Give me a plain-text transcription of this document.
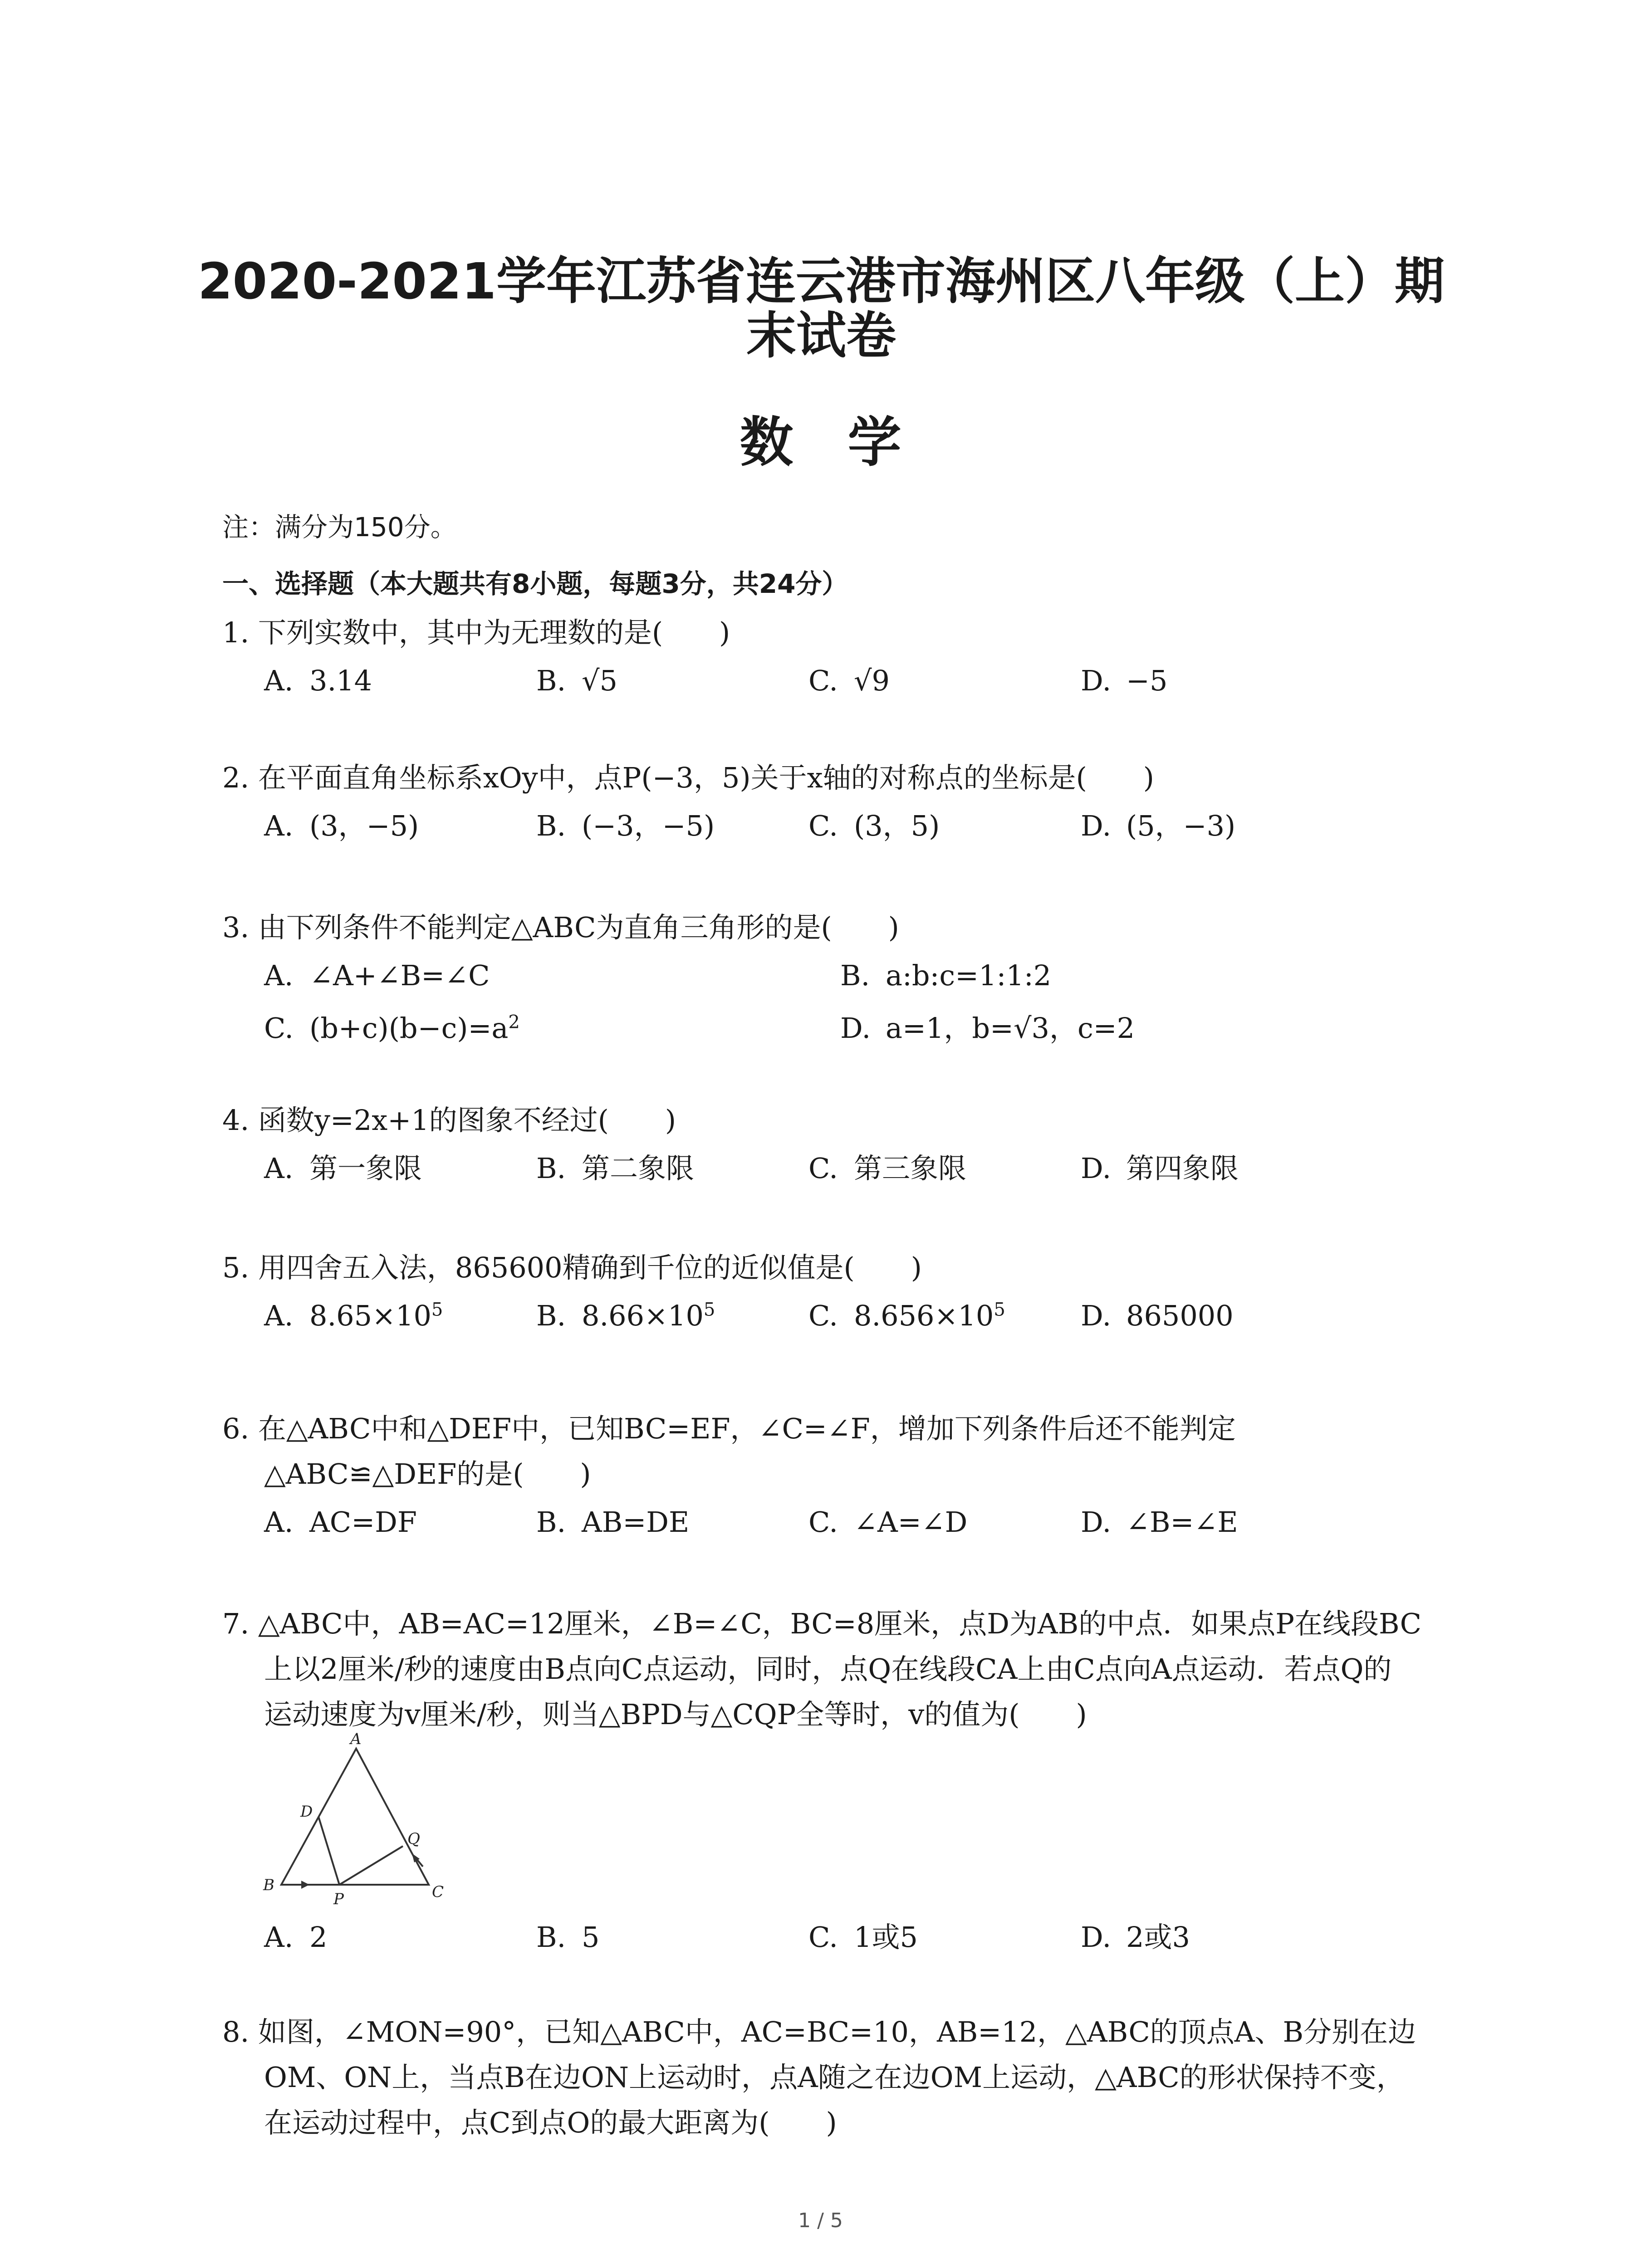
2020-2021学年江苏省连云港市海州区八年级（上）期
末试卷
数学
注：满分为150分。
一、选择题（本大题共有8小题，每题3分，共24分）
1. 下列实数中，其中为无理数的是(　　)
A. 3.14	B. √5	C. √9	D. −5
2. 在平面直角坐标系xOy中，点P(−3，5)关于x轴的对称点的坐标是(　　)
A. (3，−5)	B. (−3，−5)	C. (3，5)	D. (5，−3)
3. 由下列条件不能判定△ABC为直角三角形的是(　　)
A. ∠A+∠B=∠C	B. a:b:c=1:1:2
C. $(b+c)(b-c)=a^2$	D. a=1，b=√3，c=2
4. 函数y=2x+1的图象不经过(　　)
A. 第一象限	B. 第二象限	C. 第三象限	D. 第四象限
5. 用四舍五入法，865600精确到千位的近似值是(　　)
A. $8.65\times 10^5$	B. $8.66\times 10^5$	C. $8.656\times 10^5$	D. 865000
6. 在△ABC中和△DEF中，已知BC=EF，∠C=∠F，增加下列条件后还不能判定
△ABC≌△DEF的是(　　)
A. AC=DF	B. AB=DE	C. ∠A=∠D	D. ∠B=∠E
7. △ABC中，AB=AC=12厘米，∠B=∠C，BC=8厘米，点D为AB的中点．如果点P在线段BC
上以2厘米/秒的速度由B点向C点运动，同时，点Q在线段CA上由C点向A点运动．若点Q的
运动速度为v厘米/秒，则当△BPD与△CQP全等时，v的值为(　　)
A
B	C
D
P
Q
A. 2	B. 5	C. 1或5	D. 2或3
8. 如图，∠MON=90°，已知△ABC中，AC=BC=10，AB=12，△ABC的顶点A、B分别在边
OM、ON上，当点B在边ON上运动时，点A随之在边OM上运动，△ABC的形状保持不变，
在运动过程中，点C到点O的最大距离为(　　)
1 / 5
